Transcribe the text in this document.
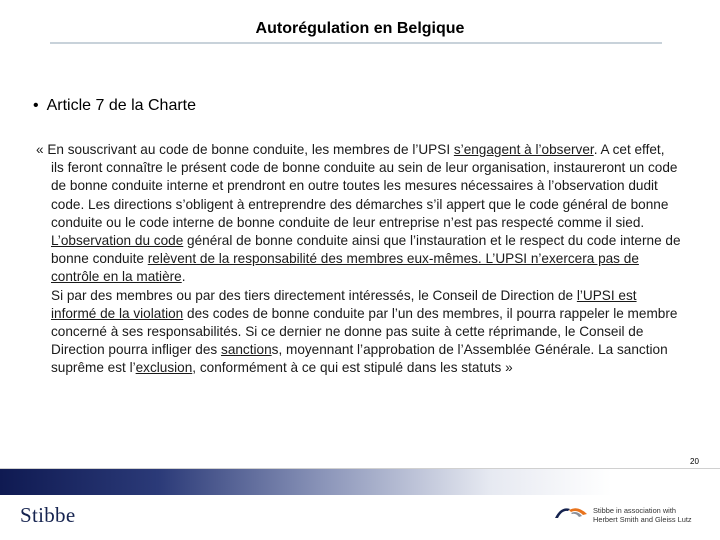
Autorégulation en Belgique
• Article 7 de la Charte

« En souscrivant au code de bonne conduite, les membres de l’UPSI s’engagent à l’observer. A cet effet, ils feront connaître le présent code de bonne conduite au sein de leur organisation, instaureront un code de bonne conduite interne et prendront en outre toutes les mesures nécessaires à l’observation dudit code. Les directions s’obligent à entreprendre des démarches s’il appert que le code général de bonne conduite ou le code interne de bonne conduite de leur entreprise n’est pas respecté comme il sied.

L’observation du code général de bonne conduite ainsi que l’instauration et le respect du code interne de bonne conduite relèvent de la responsabilité des membres eux-mêmes. L’UPSI n’exercera pas de contrôle en la matière.

Si par des membres ou par des tiers directement intéressés, le Conseil de Direction de l’UPSI est informé de la violation des codes de bonne conduite par l’un des membres, il pourra rappeler le membre concerné à ses responsabilités. Si ce dernier ne donne pas suite à cette réprimande, le Conseil de Direction pourra infliger des sanctions, moyennant l’approbation de l’Assemblée Générale. La sanction suprême est l’exclusion, conformément à ce qui est stipulé dans les statuts »

20
Stibbe	Stibbe in association with
Herbert Smith and Gleiss Lutz
